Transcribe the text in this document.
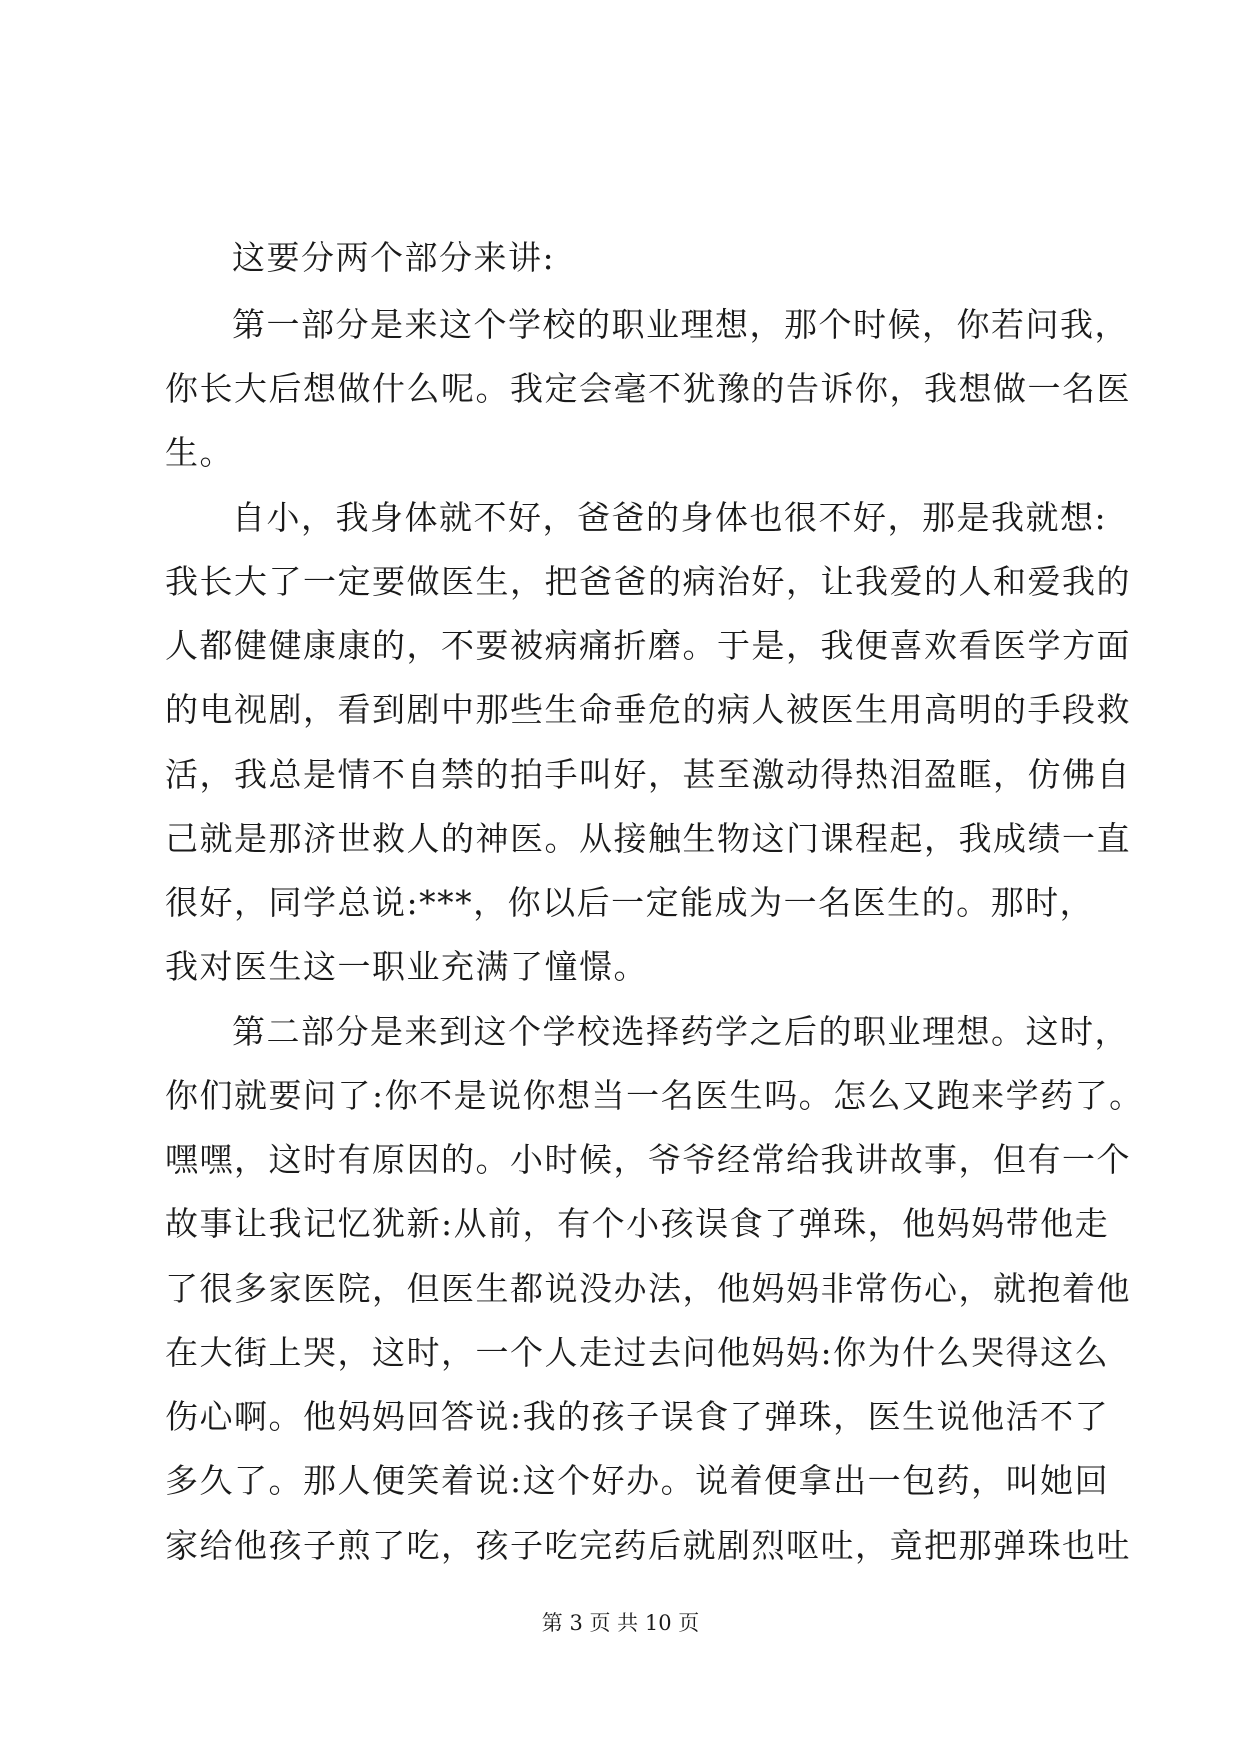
这要分两个部分来讲:
第一部分是来这个学校的职业理想，那个时候，你若问我，
你长大后想做什么呢。我定会毫不犹豫的告诉你，我想做一名医
生。
自小，我身体就不好，爸爸的身体也很不好，那是我就想:
我长大了一定要做医生，把爸爸的病治好，让我爱的人和爱我的
人都健健康康的，不要被病痛折磨。于是，我便喜欢看医学方面
的电视剧，看到剧中那些生命垂危的病人被医生用高明的手段救
活，我总是情不自禁的拍手叫好，甚至激动得热泪盈眶，仿佛自
己就是那济世救人的神医。从接触生物这门课程起，我成绩一直
很好，同学总说:***，你以后一定能成为一名医生的。那时，
我对医生这一职业充满了憧憬。
第二部分是来到这个学校选择药学之后的职业理想。这时，
你们就要问了:你不是说你想当一名医生吗。怎么又跑来学药了。
嘿嘿，这时有原因的。小时候，爷爷经常给我讲故事，但有一个
故事让我记忆犹新:从前，有个小孩误食了弹珠，他妈妈带他走
了很多家医院，但医生都说没办法，他妈妈非常伤心，就抱着他
在大街上哭，这时，一个人走过去问他妈妈:你为什么哭得这么
伤心啊。他妈妈回答说:我的孩子误食了弹珠，医生说他活不了
多久了。那人便笑着说:这个好办。说着便拿出一包药，叫她回
家给他孩子煎了吃，孩子吃完药后就剧烈呕吐，竟把那弹珠也吐
第 3 页 共 10 页
